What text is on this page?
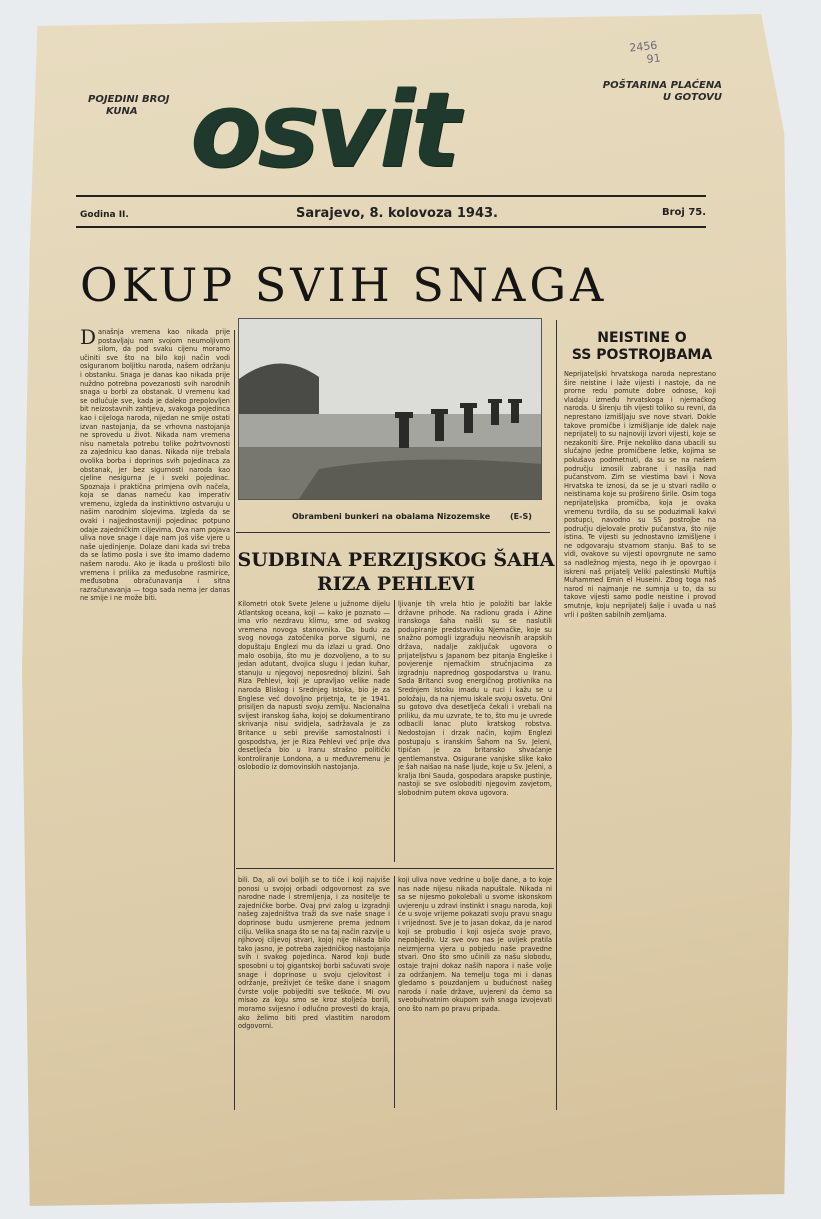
POJEDINI BROJ
KUNA
POŠTARINA PLAĆENA
U GOTOVU
2456
91
osvit
Godina II.	Sarajevo, 8. kolovoza 1943.	Broj 75.
OKUP SVIH SNAGA
Obrambeni bunkeri na obalama Nizozemske (E-S)
Današnja vremena kao nikada prije postavljaju nam svojom neumoljivom silom, da pod svaku cijenu moramo učiniti sve što na bilo koji način vodi osiguranom boljitku naroda, našem održanju i obstanku. Snaga je danas kao nikada prije nuždno potrebna povezanosti svih narodnih snaga u borbi za obstanak. U vremenu kad se odlučuje sve, kada je daleko prepolovljen bit neizostavnih zahtjeva, svakoga pojedinca kao i cijeloga naroda, nijedan ne smije ostati izvan nastojanja, da se vrhovna nastojanja ne sprovedu u život. Nikada nam vremena nisu nametala potrebu tolike požrtvovnosti za zajednicu kao danas. Nikada nije trebala ovolika borba i doprinos svih pojedinaca za obstanak, jer bez sigurnosti naroda kao cjeline nesigurna je i sveki pojedinac. Spoznaja i praktična primjena ovih načela, koja se danas nameću kao imperativ vremenu, izgleda da instinktivno ostvaruju u našim narodnim slojevima. Izgleda da se ovaki i najjednostavniji pojedinac potpuno odaje zajedničkim ciljevima. Ova nam pojava uliva nove snage i daje nam još više vjere u naše ujedinjenje. Dolaze dani kada svi treba da se latimo posla i sve što imamo dademo našem narodu. Ako je ikada u prošlosti bilo vremena i prilika za međusobne rasmirice, međusobna obračunavanja i sitna razračunavanja — toga sada nema jer danas ne smije i ne može biti.
SUDBINA PERZIJSKOG ŠAHA
RIZA PEHLEVI
Kilometri otok Svete Jelene u južnome dijelu Atlantskog oceana, koji — kako je poznato — ima vrlo nezdravu klimu, sme od svakog vremena novoga stanovnika. Da budu za svog novoga zatočenika porve sigurni, ne dopuštaju Englezi mu da izlazi u grad. Ono malo osobija, što mu je dozvoljeno, a to su jedan adutant, dvojica slugu i jedan kuhar, stanuju u njegovoj neposrednoj blizini. Šah Riza Pehlevi, koji je upravljao velike nade naroda Bliskog i Srednjeg Istoka, bio je za Englese već dovoljno prijetnja, te je 1941. prisiljen da napusti svoju zemlju. Nacionalna svijest iranskog šaha, kojoj se dokumentirano skrivanja nisu svidjela, sadržavala je za Britance u sebi previše samostalnosti i gospodstva, jer je Riza Pehlevi već prije dva desetljeća bio u Iranu strašno politički kontroliranje Londona, a u međuvremenu je oslobodio iz domovinskih nastojanja.
ljivanje tih vrela htio je položiti bar lakše državne prihode. Na radionu grada i Ažine iranskoga šaha naišli su se naslutili podupiranje predstavnika Njemačke, koje su snažno pomogli izgrađuju neovisnih arapskih država, nadalje zaključak ugovora o prijateljstvu s Japanom bez pitanja Engleške i povjerenje njemačkim stručnjacima za izgradnju naprednog gospodarstva u Iranu. Sada Britanci svog energičnog protivnika na Srednjem Istoku imadu u ruci i kažu se u položaju, da na njemu iskale svoju osvetu. Oni su gotovo dva desetljeća čekali i vrebali na priliku, da mu uzvrate, te to, što mu je uvrede odbacili lanac pluto kratskog robstva. Nedostojan i drzak način, kojim Englezi postupaju s iranskim Šahom na Sv. Jeleni, tipičan je za britansko shvaćanje gentlemanstva. Osigurane vanjske slike kako je šah naišao na naše ljude, koje u Sv. Jeleni, a kralja Ibni Sauda, gospodara arapske pustinje, nastoji se sve osloboditi njegovim zavjetom, slobodnim putem okova ugovora.
bili. Da, ali ovi boljih se to tiče i koji najviše ponosi u svojoj orbadi odgovornost za sve narodne nade i stremljenja, i za nositelje te zajedničke borbe. Ovaj prvi zalog u izgradnji našeg zajedništva traži da sve naše snage i doprinose budu usmjerene prema jednom cilju. Velika snaga što se na taj način razvije u njihovoj ciljevoj stvari, kojoj nije nikada bilo tako jasno, je potreba zajedničkog nastojanja svih i svakog pojedinca. Narod koji bude sposobni u toj gigantskoj borbi sačuvati svoje snage i doprinose u svoju cjelovitost i održanje, preživjet će teške dane i snagom čvrste volje pobijediti sve teškoće. Mi ovu misao za koju smo se kroz stoljeća borili, moramo svijesno i odlučno provesti do kraja, ako želimo biti pred vlastitim narodom odgovorni.
koji uliva nove vedrine u bolje dane, a to koje nas nade nijesu nikada napuštale. Nikada ni sa se nijesmo pokolebali u svome iskonskom uvjerenju u zdravi instinkt i snagu naroda, koji će u svoje vrijeme pokazati svoju pravu snagu i vrijednost. Sve je to jasan dokaz, da je narod koji se probudio i koji osjeća svoje pravo, nepobjediv. Uz sve ovo nas je uvijek pratila neizmjerna vjera u pobjedu naše pravedne stvari. Ono što smo učinili za našu slobodu, ostaje trajni dokaz naših napora i naše volje za održanjem. Na temelju toga mi i danas gledamo s pouzdanjem u budućnost našeg naroda i naše države, uvjereni da ćemo sa sveobuhvatnim okupom svih snaga izvojevati ono što nam po pravu pripada.
NEISTINE O
SS POSTROJBAMA
Neprijateljski hrvatskoga naroda neprestano šire neistine i laže vijesti i nastoje, da ne prorne redu pomute dobre odnose, koji vladaju između hrvatskoga i njemačkog naroda. U širenju tih vijesti toliko su revni, da neprestano izmišljaju sve nove stvari. Dokle takove promičbe i izmišljanje ide dalek naje neprijatelj to su najnoviji izvori vijesti, koje se nezakoniti šire. Prije nekoliko dana ubacili su slučajno jedne promičbene letke, kojima se pokušava podmetnuti, da su se na našem području iznosili zabrane i nasilja nad pučanstvom. Zim se viestima bavi i Nova Hrvatska te iznosi, da se je u stvari radilo o neistinama koje su prošireno širile. Osim toga neprijateljska promičba, koja je ovaka vremenu tvrdila, da su se poduzimali kakvi postupci, navodno su SS postrojbe na području djelovale protiv pučanstva, što nije istina. Te vijesti su jednostavno izmišljene i ne odgovaraju stvarnom stanju. Baš to se vidi, ovakove su vijesti opovrgnute ne samo sa nadležnog mjesta, nego ih je opovrgao i iskreni naš prijatelj Veliki palestinski Muftija Muhammed Emin el Huseini. Zbog toga naš narod ni najmanje ne sumnja u to, da su takove vijesti samo podle neistine i provod smutnje, koju neprijatelj šalje i uvađa u naš vrli i pošten sabilnih zemljama.
